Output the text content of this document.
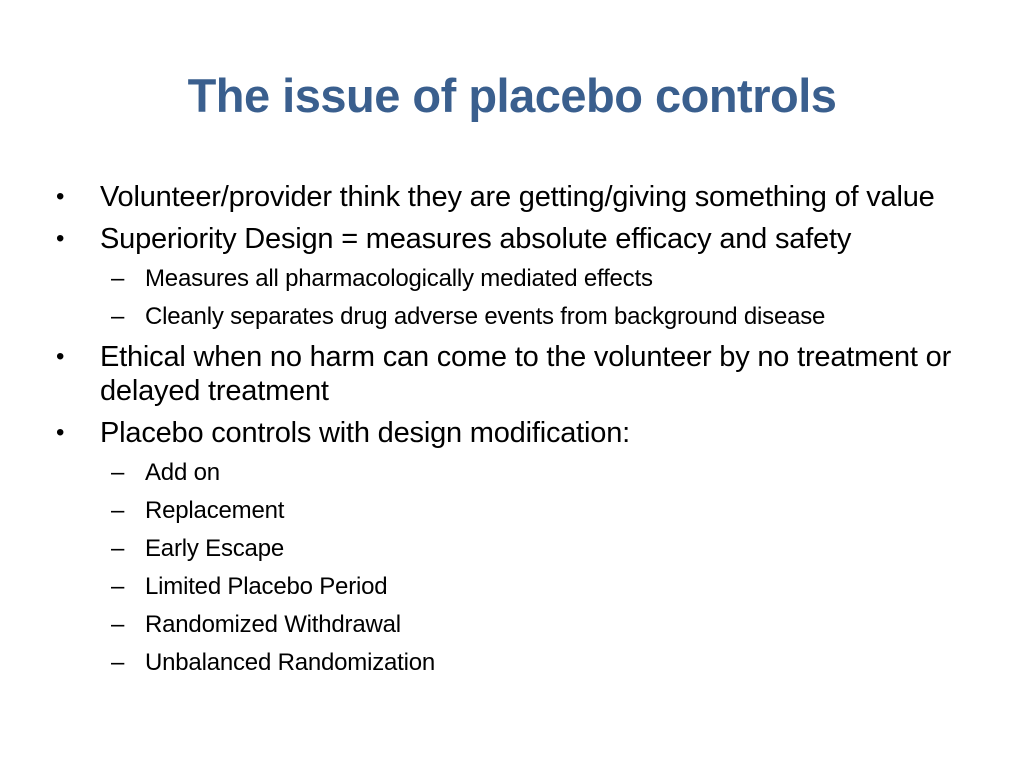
The issue of placebo controls
•	Volunteer/provider think they are getting/giving something of value
•	Superiority Design = measures absolute efficacy and safety
– Measures all pharmacologically mediated effects
– Cleanly separates drug adverse events from background disease
•	Ethical when no harm can come to the volunteer by no treatment or delayed treatment
•	Placebo controls with design modification:
– Add on
– Replacement
– Early Escape
– Limited Placebo Period
– Randomized Withdrawal
– Unbalanced Randomization
